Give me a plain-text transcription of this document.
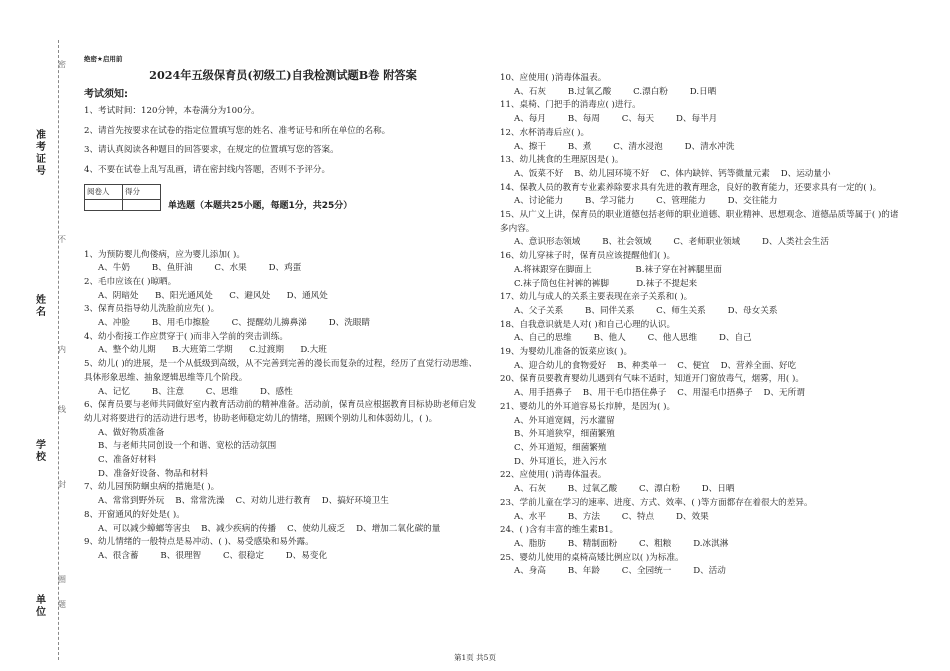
准考证号
姓名
学校
单位
密
不
内
线
封
圈
题
绝密★启用前
2024年五级保育员(初级工)自我检测试题B卷 附答案
考试须知:

1、考试时间：120分钟，本卷满分为100分。

2、请首先按要求在试卷的指定位置填写您的姓名、准考证号和所在单位的名称。

3、请认真阅读各种题目的回答要求，在规定的位置填写您的答案。

4、不要在试卷上乱写乱画，请在密封线内答题，否则不予评分。

阅卷人	得分

单选题（本题共25小题，每题1分，共25分）
1、为预防婴儿佝偻病，应为婴儿添加( )。
A、牛奶        B、鱼肝油        C、水果        D、鸡蛋
2、毛巾应该在( )晾晒。
A、阴暗处      B、阳光通风处      C、避风处      D、通风处
3、保育员指导幼儿洗脸前应先( )。
A、冲脸        B、用毛巾擦脸        C、提醒幼儿擤鼻涕        D、洗眼睛
4、幼小衔接工作应贯穿于( )而非入学前的突击训练。
A、整个幼儿期      B.大班第二学期      C.过渡期      D.大班
5、幼儿( )的进展，是一个从低级到高级，从不完善到完善的漫长而复杂的过程，经历了直觉行动思维、具体形象思维、抽象逻辑思维等几个阶段。
A、记忆        B、注意        C、思维        D、感性
6、保育员要与老师共同做好室内教育活动前的精神准备。活动前，保育员应根据教育目标协助老师启发幼儿对将要进行的活动进行思考，协助老师稳定幼儿的情绪，照顾个别幼儿和体弱幼儿，( )。
A、做好物质准备
B、与老师共同创设一个和谐、宽松的活动氛围
C、准备好材料
D、准备好设备、物品和材料
7、幼儿园预防蛔虫病的措施是( )。
A、常常到野外玩    B、常常洗澡    C、对幼儿进行教育    D、搞好环境卫生
8、开窗通风的好处是( )。
A、可以减少蟑螂等害虫    B、减少疾病的传播    C、使幼儿疲乏    D、增加二氧化碳的量
9、幼儿情绪的一般特点是易冲动、( )、易受感染和易外露。
A、很含蓄        B、很理智        C、很稳定        D、易变化
10、应使用( )消毒体温表。
A、石灰        B.过氧乙酸        C.漂白粉        D.日晒
11、桌椅、门把手的消毒应( )进行。
A、每月        B、每周        C、每天        D、每半月
12、水杯消毒后应( )。
A、擦干        B、煮        C、清水浸泡        D、清水冲洗
13、幼儿挑食的生理原因是( )。
A、饭菜不好    B、幼儿园环境不好    C、体内缺锌、钙等微量元素    D、运动量小
14、保教人员的教育专业素养除要求具有先进的教育理念，良好的教育能力，还要求具有一定的( )。
A、讨论能力        B、学习能力        C、管理能力        D、交往能力
15、从广义上讲，保育员的职业道德包括老师的职业道德、职业精神、思想观念、道德品质等属于( )的诸多内容。
A、意识形态领域        B、社会领域        C、老师职业领域        D、人类社会生活
16、幼儿穿袜子时，保育员应该提醒他们( )。
A.将袜跟穿在脚面上                B.袜子穿在衬裤腿里面
C.袜子筒包住衬裤的裤脚          D.袜子不提起来
17、幼儿与成人的关系主要表现在亲子关系和( )。
A、父子关系        B、同伴关系        C、师生关系        D、母女关系
18、自我意识就是人对( )和自己心理的认识。
A、自己的思维        B、他人        C、他人思维        D、自己
19、为婴幼儿准备的饭菜应该( )。
A、迎合幼儿的食物爱好    B、种类单一    C、便宜    D、营养全面、好吃
20、保育员要教育婴幼儿遇到有气味不适时，知道开门窗放毒气，烟雾，用( )。
A、用手捂鼻子    B、用干毛巾捂住鼻子    C、用湿毛巾捂鼻子    D、无所谓
21、婴幼儿的外耳道容易长疖肿，是因为( )。
A、外耳道宽阔，污水灌留
B、外耳道狭窄，细菌繁殖
C、外耳道短，细菌繁殖
D、外耳道长，进入污水
22、应使用( )消毒体温表。
A、石灰        B、过氧乙酸        C、漂白粉        D、日晒
23、学前儿童在学习的速率、进度、方式、效率、( )等方面都存在着很大的差异。
A、水平        B、方法        C、特点        D、效果
24、( )含有丰富的维生素B1。
A、脂肪        B、精制面粉        C、粗粮        D.冰淇淋
25、婴幼儿使用的桌椅高矮比例应以( )为标准。
A、身高        B、年龄        C、全园统一        D、活动
第1页 共5页
